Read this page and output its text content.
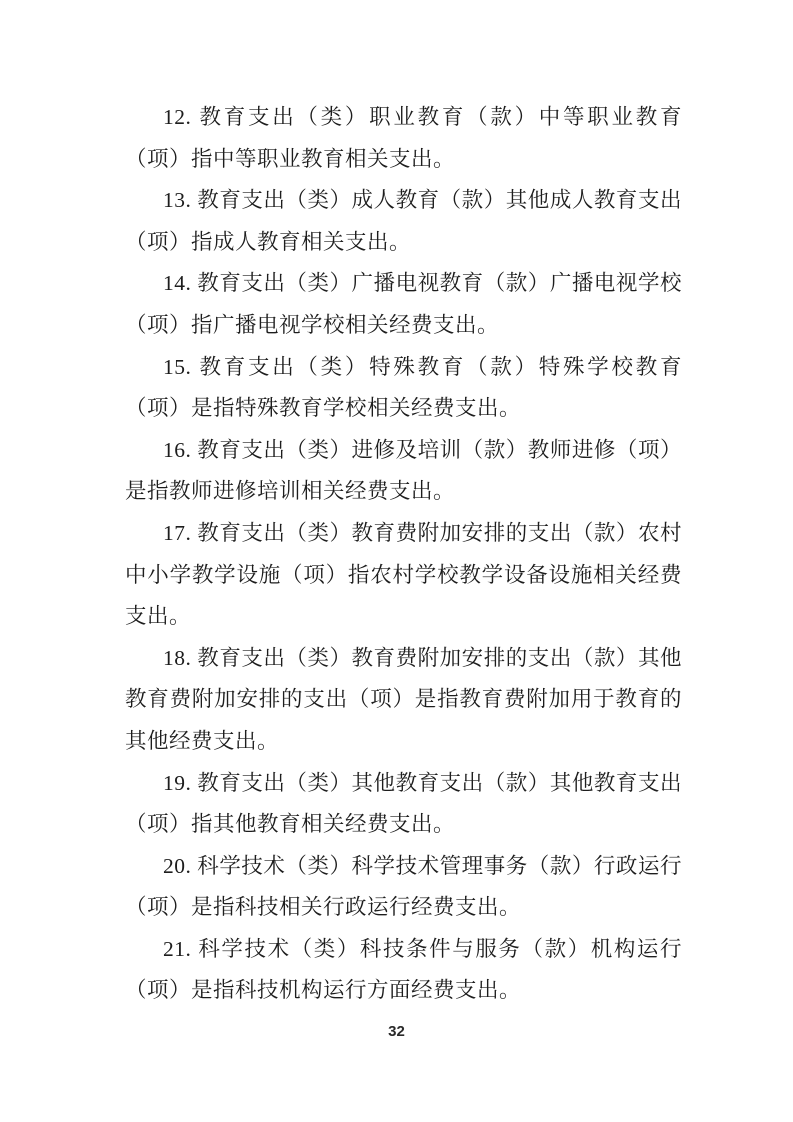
12. 教育支出（类）职业教育（款）中等职业教育（项）指中等职业教育相关支出。

13. 教育支出（类）成人教育（款）其他成人教育支出（项）指成人教育相关支出。

14. 教育支出（类）广播电视教育（款）广播电视学校（项）指广播电视学校相关经费支出。

15. 教育支出（类）特殊教育（款）特殊学校教育（项）是指特殊教育学校相关经费支出。

16. 教育支出（类）进修及培训（款）教师进修（项）是指教师进修培训相关经费支出。

17. 教育支出（类）教育费附加安排的支出（款）农村中小学教学设施（项）指农村学校教学设备设施相关经费支出。

18. 教育支出（类）教育费附加安排的支出（款）其他教育费附加安排的支出（项）是指教育费附加用于教育的其他经费支出。

19. 教育支出（类）其他教育支出（款）其他教育支出（项）指其他教育相关经费支出。

20. 科学技术（类）科学技术管理事务（款）行政运行（项）是指科技相关行政运行经费支出。

21. 科学技术（类）科技条件与服务（款）机构运行（项）是指科技机构运行方面经费支出。

32
